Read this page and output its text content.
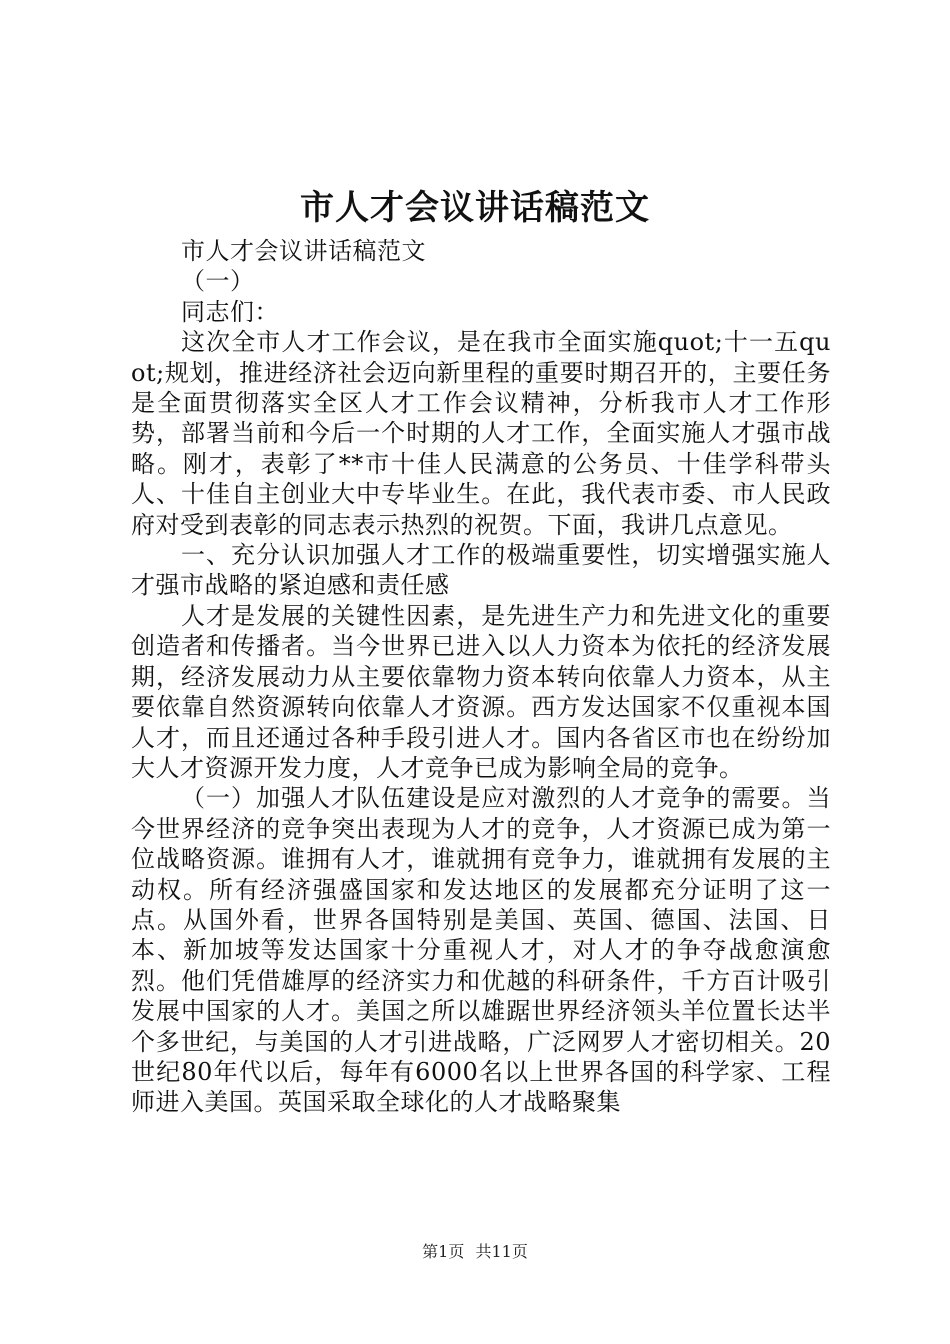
市人才会议讲话稿范文

市人才会议讲话稿范文

（一）

同志们：

这次全市人才工作会议，是在我市全面实施quot;十一五quot;规划，推进经济社会迈向新里程的重要时期召开的，主要任务是全面贯彻落实全区人才工作会议精神，分析我市人才工作形势，部署当前和今后一个时期的人才工作，全面实施人才强市战略。刚才，表彰了**市十佳人民满意的公务员、十佳学科带头人、十佳自主创业大中专毕业生。在此，我代表市委、市人民政府对受到表彰的同志表示热烈的祝贺。下面，我讲几点意见。

一、充分认识加强人才工作的极端重要性，切实增强实施人才强市战略的紧迫感和责任感

人才是发展的关键性因素，是先进生产力和先进文化的重要创造者和传播者。当今世界已进入以人力资本为依托的经济发展期，经济发展动力从主要依靠物力资本转向依靠人力资本，从主要依靠自然资源转向依靠人才资源。西方发达国家不仅重视本国人才，而且还通过各种手段引进人才。国内各省区市也在纷纷加大人才资源开发力度，人才竞争已成为影响全局的竞争。

（一）加强人才队伍建设是应对激烈的人才竞争的需要。当今世界经济的竞争突出表现为人才的竞争，人才资源已成为第一位战略资源。谁拥有人才，谁就拥有竞争力，谁就拥有发展的主动权。所有经济强盛国家和发达地区的发展都充分证明了这一点。从国外看，世界各国特别是美国、英国、德国、法国、日本、新加坡等发达国家十分重视人才，对人才的争夺战愈演愈烈。他们凭借雄厚的经济实力和优越的科研条件，千方百计吸引发展中国家的人才。美国之所以雄踞世界经济领头羊位置长达半个多世纪，与美国的人才引进战略，广泛网罗人才密切相关。20世纪80年代以后，每年有6000名以上世界各国的科学家、工程师进入美国。英国采取全球化的人才战略聚集

第1页 共11页
